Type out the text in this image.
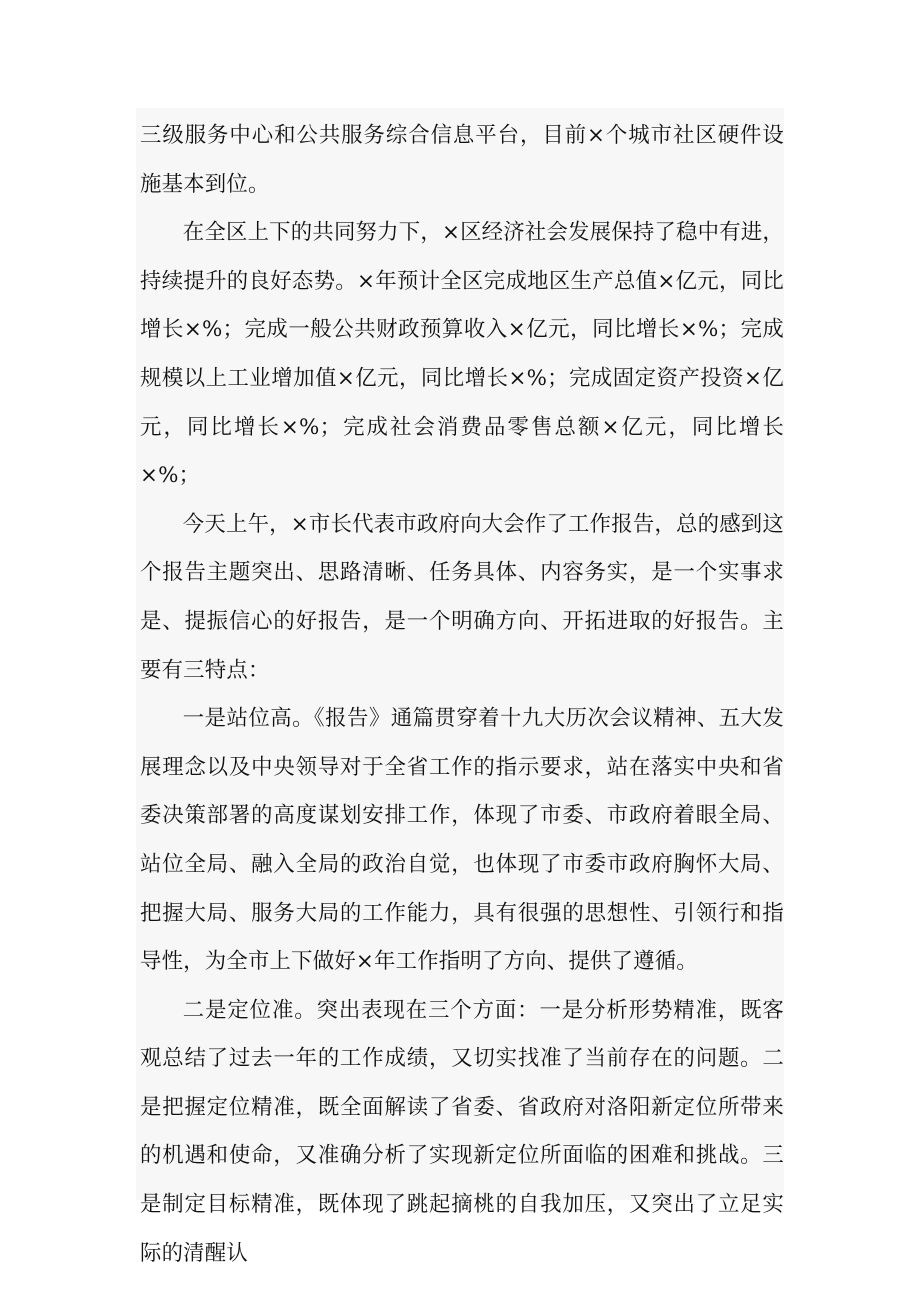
三级服务中心和公共服务综合信息平台，目前×个城市社区硬件设施基本到位。

在全区上下的共同努力下，×区经济社会发展保持了稳中有进，持续提升的良好态势。×年预计全区完成地区生产总值×亿元，同比增长×%；完成一般公共财政预算收入×亿元，同比增长×%；完成规模以上工业增加值×亿元，同比增长×%；完成固定资产投资×亿元，同比增长×%；完成社会消费品零售总额×亿元，同比增长×%；

今天上午，×市长代表市政府向大会作了工作报告，总的感到这个报告主题突出、思路清晰、任务具体、内容务实，是一个实事求是、提振信心的好报告，是一个明确方向、开拓进取的好报告。主要有三特点：

一是站位高。《报告》通篇贯穿着十九大历次会议精神、五大发展理念以及中央领导对于全省工作的指示要求，站在落实中央和省委决策部署的高度谋划安排工作，体现了市委、市政府着眼全局、站位全局、融入全局的政治自觉，也体现了市委市政府胸怀大局、把握大局、服务大局的工作能力，具有很强的思想性、引领行和指导性，为全市上下做好×年工作指明了方向、提供了遵循。

二是定位准。突出表现在三个方面：一是分析形势精准，既客观总结了过去一年的工作成绩，又切实找准了当前存在的问题。二是把握定位精准，既全面解读了省委、省政府对洛阳新定位所带来的机遇和使命，又准确分析了实现新定位所面临的困难和挑战。三是制定目标精准，既体现了跳起摘桃的自我加压，又突出了立足实际的清醒认
